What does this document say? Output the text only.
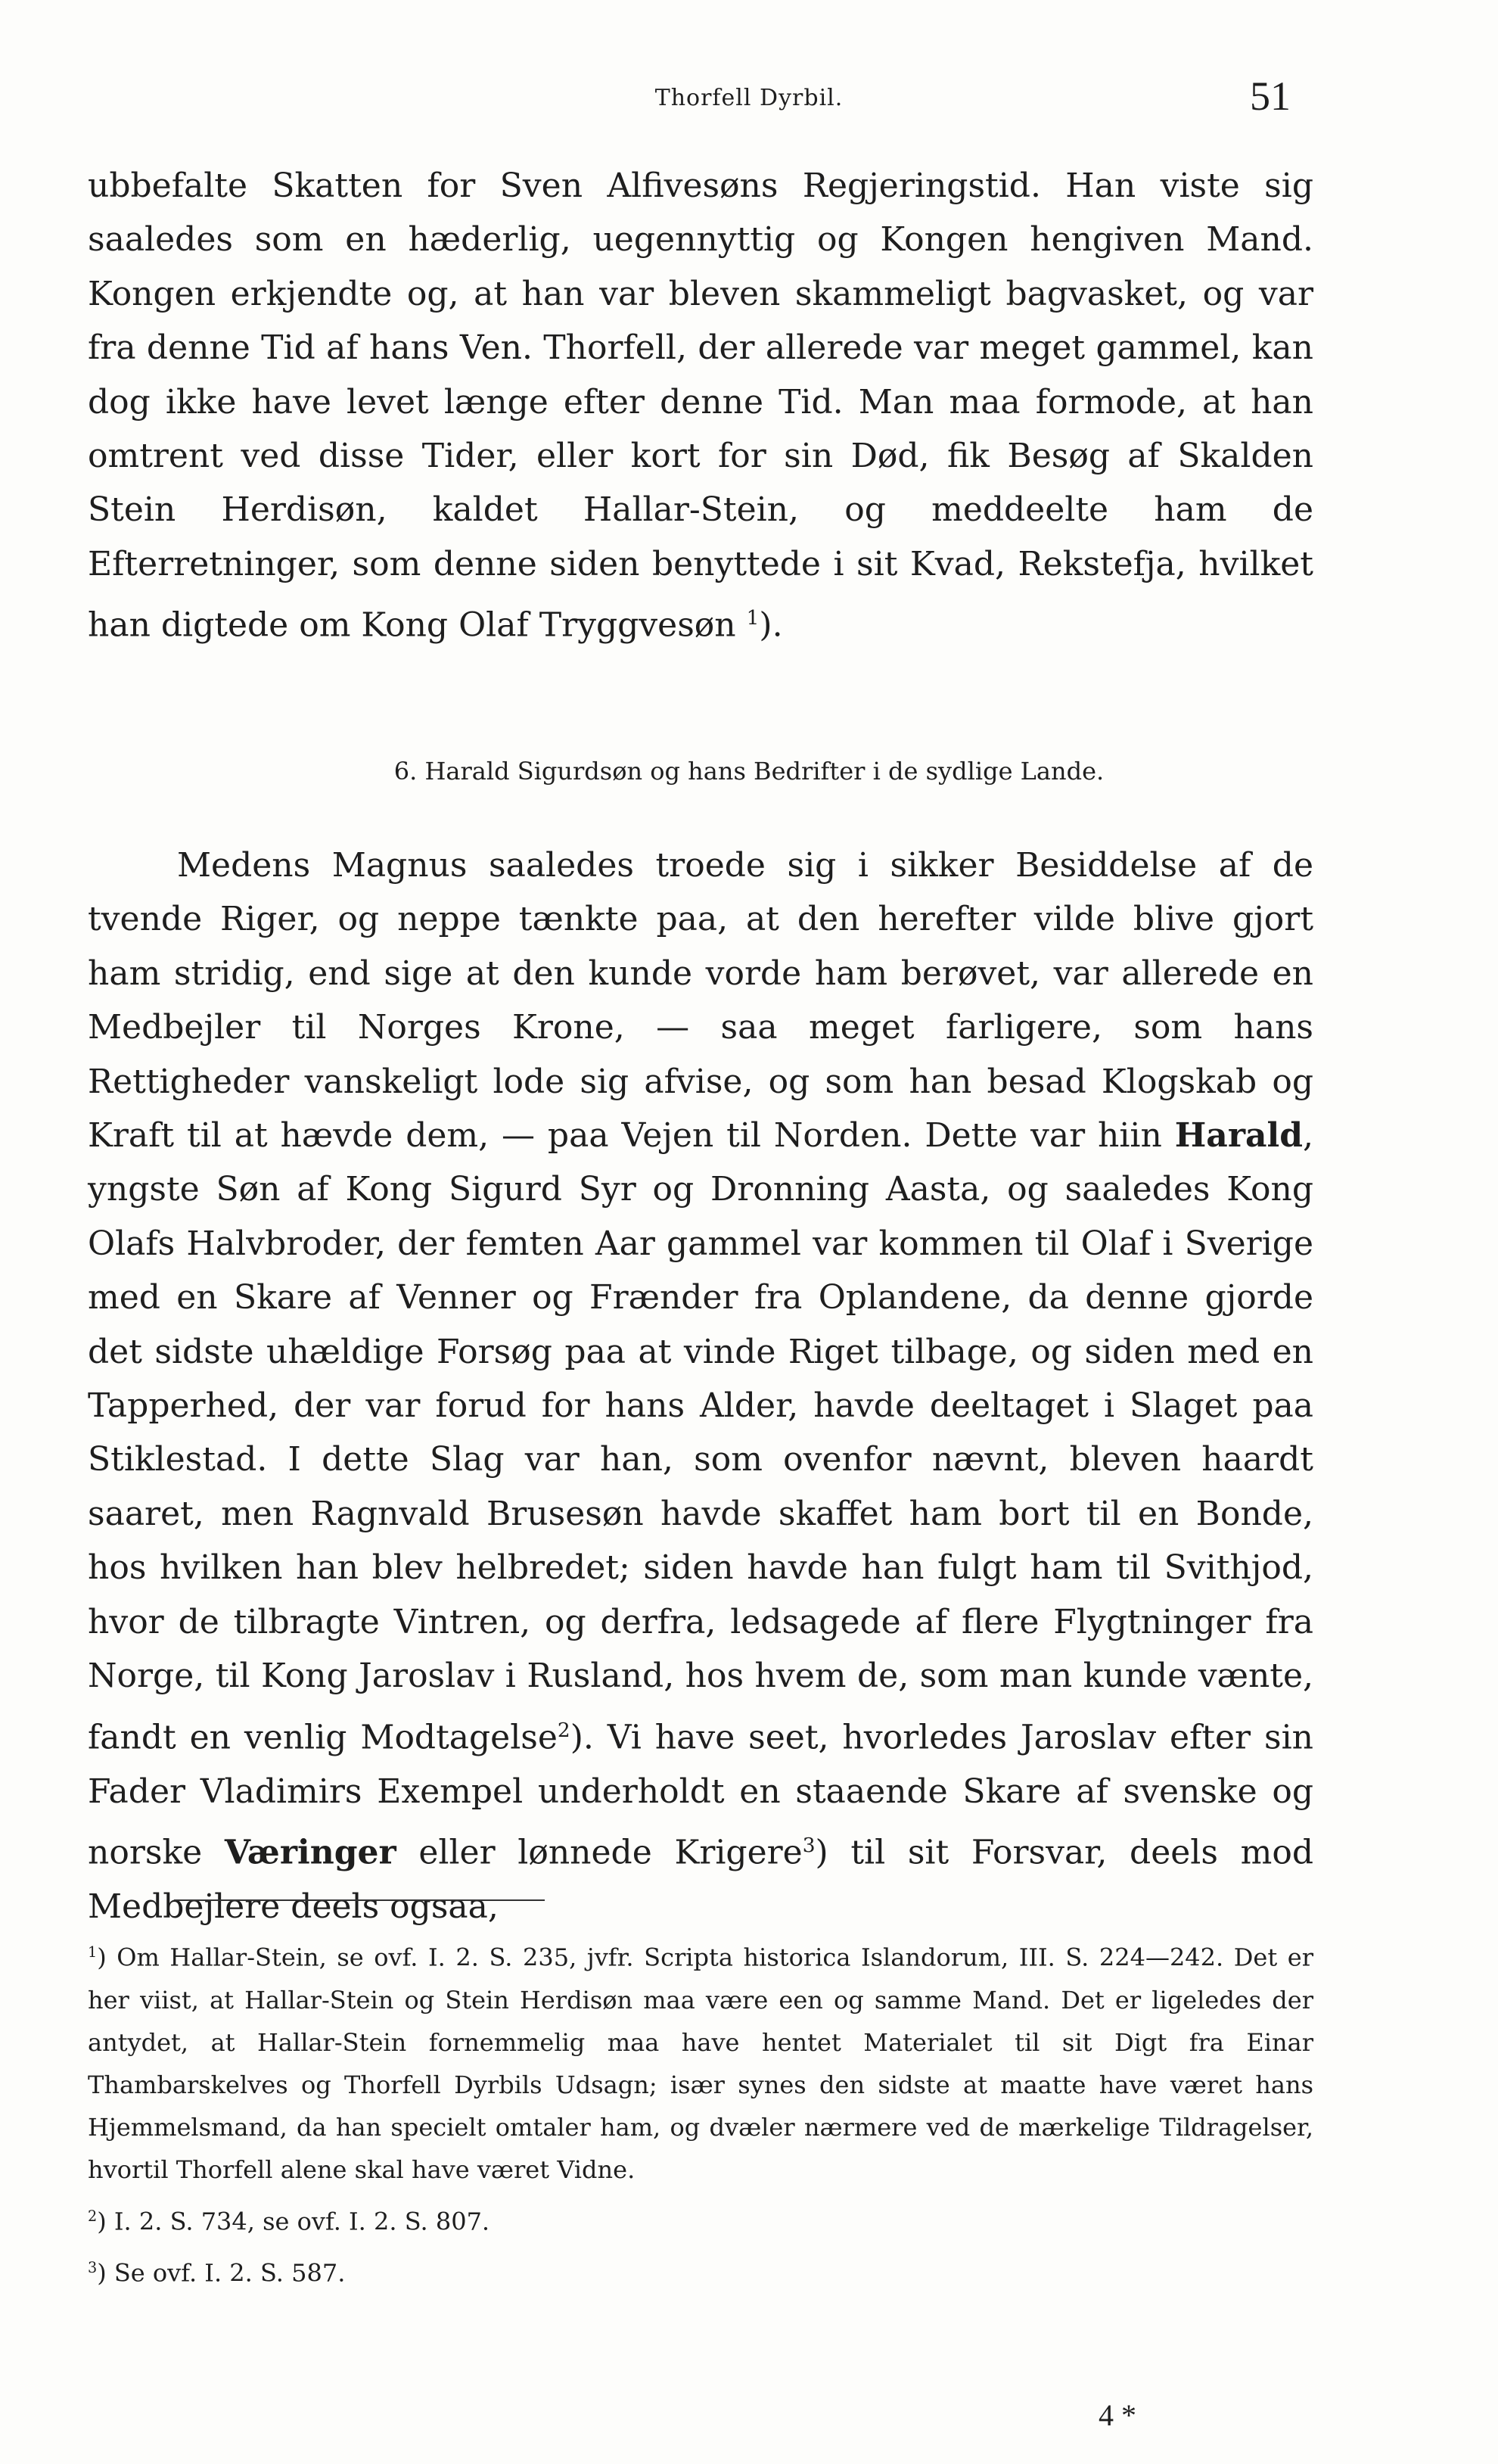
Thorfell Dyrbil.	51

ubbefalte Skatten for Sven Alfivesøns Regjeringstid. Han viste sig saaledes som en hæderlig, uegennyttig og Kongen hengiven Mand. Kongen erkjendte og, at han var bleven skammeligt bagvasket, og var fra denne Tid af hans Ven. Thorfell, der allerede var meget gammel, kan dog ikke have levet længe efter denne Tid. Man maa formode, at han omtrent ved disse Tider, eller kort for sin Død, fik Besøg af Skalden Stein Herdisøn, kaldet Hallar-Stein, og meddeelte ham de Efterretninger, som denne siden benyttede i sit Kvad, Rekstefja, hvilket han digtede om Kong Olaf Tryggvesøn $^1$).

6. Harald Sigurdsøn og hans Bedrifter i de sydlige Lande.

Medens Magnus saaledes troede sig i sikker Besiddelse af de tvende Riger, og neppe tænkte paa, at den herefter vilde blive gjort ham stridig, end sige at den kunde vorde ham berøvet, var allerede en Medbejler til Norges Krone, — saa meget farligere, som hans Rettigheder vanskeligt lode sig afvise, og som han besad Klogskab og Kraft til at hævde dem, — paa Vejen til Norden. Dette var hiin Harald, yngste Søn af Kong Sigurd Syr og Dronning Aasta, og saaledes Kong Olafs Halvbroder, der femten Aar gammel var kommen til Olaf i Sverige med en Skare af Venner og Frænder fra Oplandene, da denne gjorde det sidste uhældige Forsøg paa at vinde Riget tilbage, og siden med en Tapperhed, der var forud for hans Alder, havde deeltaget i Slaget paa Stiklestad. I dette Slag var han, som ovenfor nævnt, bleven haardt saaret, men Ragnvald Brusesøn havde skaffet ham bort til en Bonde, hos hvilken han blev helbredet; siden havde han fulgt ham til Svithjod, hvor de tilbragte Vintren, og derfra, ledsagede af flere Flygtninger fra Norge, til Kong Jaroslav i Rusland, hos hvem de, som man kunde vænte, fandt en venlig Modtagelse$^2$). Vi have seet, hvorledes Jaroslav efter sin Fader Vladimirs Exempel underholdt en staaende Skare af svenske og norske Væringer eller lønnede Krigere$^3$) til sit Forsvar, deels mod Medbejlere deels ogsaa,

$^1$) Om Hallar-Stein, se ovf. I. 2. S. 235, jvfr. Scripta historica Islandorum, III. S. 224—242. Det er her viist, at Hallar-Stein og Stein Herdisøn maa være een og samme Mand. Det er ligeledes der antydet, at Hallar-Stein fornemmelig maa have hentet Materialet til sit Digt fra Einar Thambarskelves og Thorfell Dyrbils Udsagn; især synes den sidste at maatte have været hans Hjemmelsmand, da han specielt omtaler ham, og dvæler nærmere ved de mærkelige Tildragelser, hvortil Thorfell alene skal have været Vidne.

$^2$) I. 2. S. 734, se ovf. I. 2. S. 807.

$^3$) Se ovf. I. 2. S. 587.

4 *
